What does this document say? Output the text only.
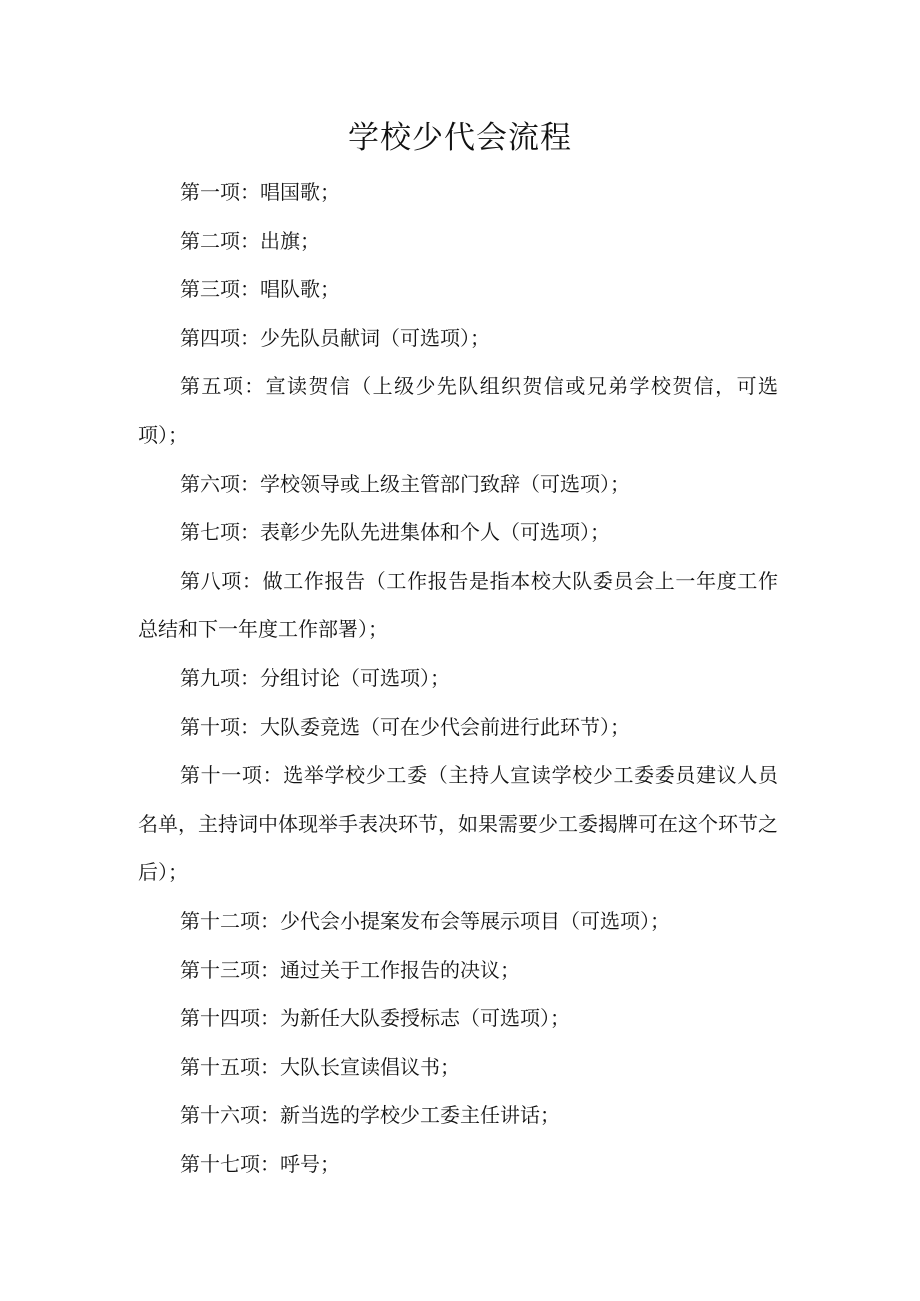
学校少代会流程

第一项：唱国歌；

第二项：出旗；

第三项：唱队歌；

第四项：少先队员献词（可选项）；

第五项：宣读贺信（上级少先队组织贺信或兄弟学校贺信，可选项）；

第六项：学校领导或上级主管部门致辞（可选项）；

第七项：表彰少先队先进集体和个人（可选项）；

第八项：做工作报告（工作报告是指本校大队委员会上一年度工作总结和下一年度工作部署）；

第九项：分组讨论（可选项）；

第十项：大队委竞选（可在少代会前进行此环节）；

第十一项：选举学校少工委（主持人宣读学校少工委委员建议人员名单，主持词中体现举手表决环节，如果需要少工委揭牌可在这个环节之后）；

第十二项：少代会小提案发布会等展示项目（可选项）；

第十三项：通过关于工作报告的决议；

第十四项：为新任大队委授标志（可选项）；

第十五项：大队长宣读倡议书；

第十六项：新当选的学校少工委主任讲话；

第十七项：呼号；
